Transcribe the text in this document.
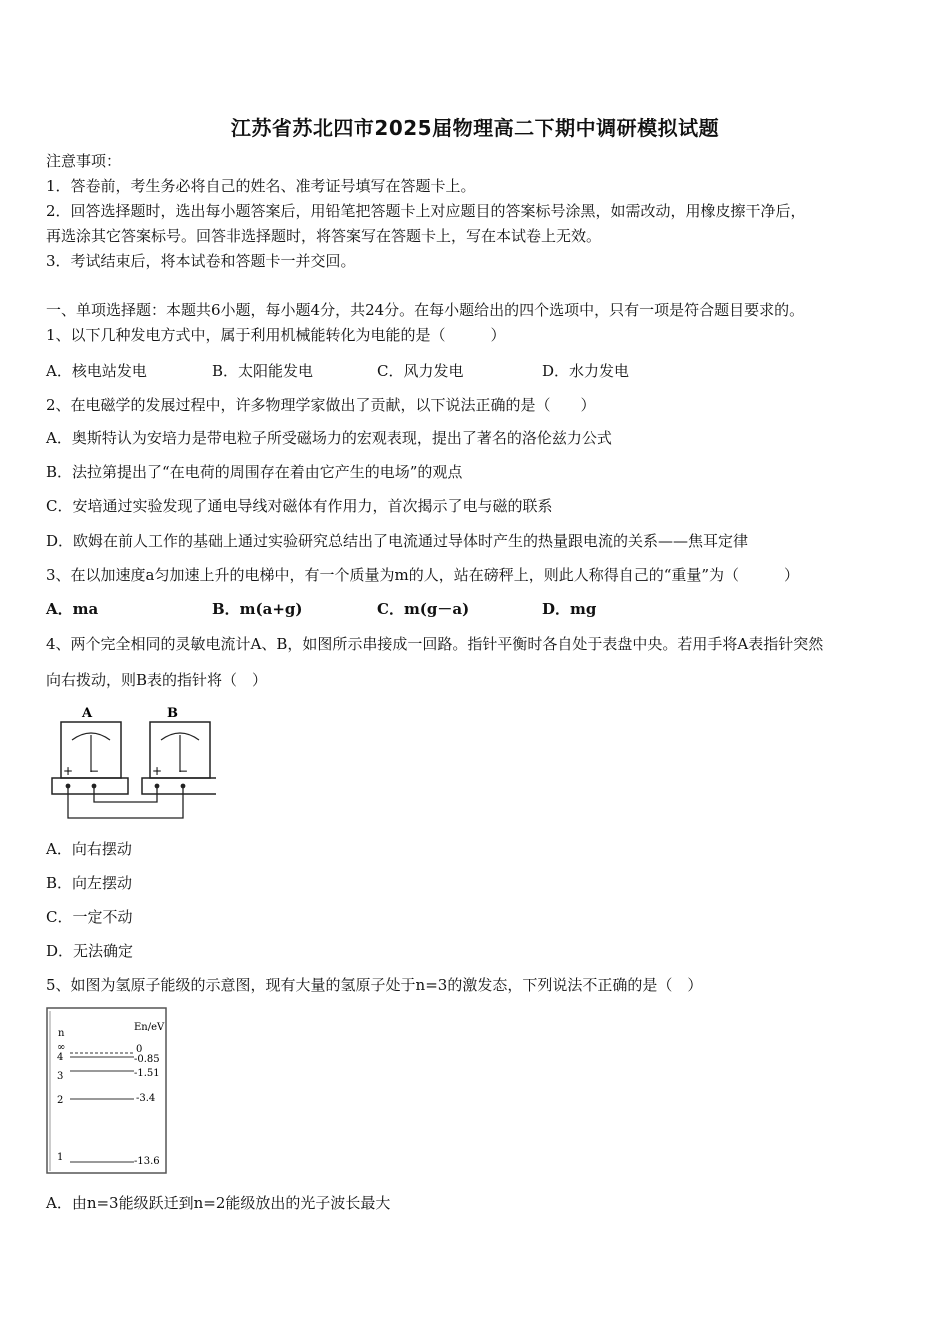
江苏省苏北四市2025届物理高二下期中调研模拟试题
注意事项：
1．答卷前，考生务必将自己的姓名、准考证号填写在答题卡上。
2．回答选择题时，选出每小题答案后，用铅笔把答题卡上对应题目的答案标号涂黑，如需改动，用橡皮擦干净后，
再选涂其它答案标号。回答非选择题时，将答案写在答题卡上，写在本试卷上无效。
3．考试结束后，将本试卷和答题卡一并交回。
一、单项选择题：本题共6小题，每小题4分，共24分。在每小题给出的四个选项中，只有一项是符合题目要求的。
1、以下几种发电方式中，属于利用机械能转化为电能的是（　　　）
A．核电站发电	B．太阳能发电	C．风力发电	D．水力发电
2、在电磁学的发展过程中，许多物理学家做出了贡献，以下说法正确的是（　　）
A．奥斯特认为安培力是带电粒子所受磁场力的宏观表现，提出了著名的洛伦兹力公式
B．法拉第提出了“在电荷的周围存在着由它产生的电场”的观点
C．安培通过实验发现了通电导线对磁体有作用力，首次揭示了电与磁的联系
D．欧姆在前人工作的基础上通过实验研究总结出了电流通过导体时产生的热量跟电流的关系——焦耳定律
3、在以加速度a匀加速上升的电梯中，有一个质量为m的人，站在磅秤上，则此人称得自己的“重量”为（　　　）
A．ma	B．m(a+g)	C．m(g－a)	D．mg
4、两个完全相同的灵敏电流计A、B，如图所示串接成一回路。指针平衡时各自处于表盘中央。若用手将A表指针突然
向右拨动，则B表的指针将（　）
A	B
+ −	+ −
A．向右摆动
B．向左摆动
C．一定不动
D．无法确定
5、如图为氢原子能级的示意图，现有大量的氢原子处于n=3的激发态，下列说法不正确的是（　）
n
En/eV
∞	0
4	-0.85
3	-1.51
2	-3.4
1	-13.6
A．由n=3能级跃迁到n=2能级放出的光子波长最大
